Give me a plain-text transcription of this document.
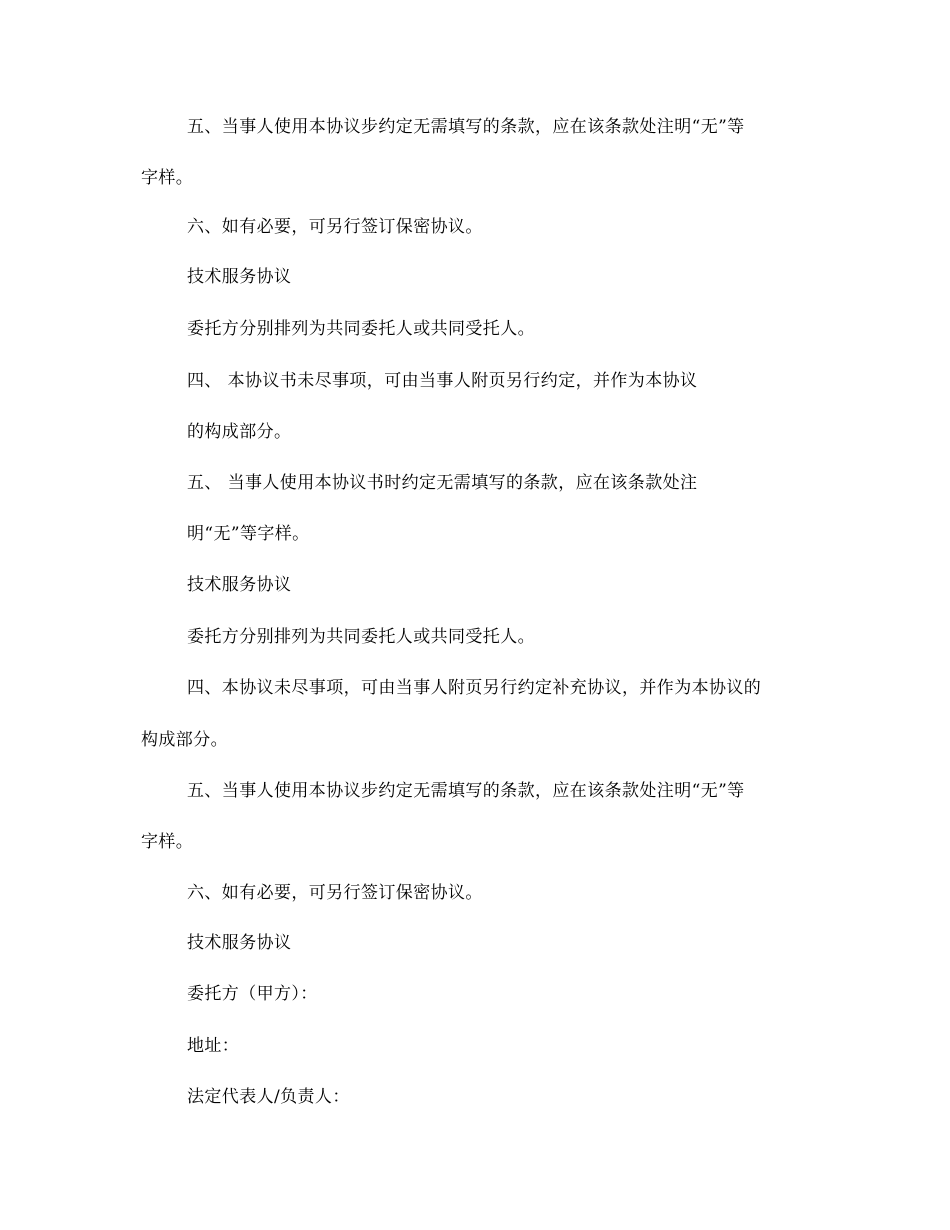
五、当事人使用本协议步约定无需填写的条款，应在该条款处注明“无”等
字样。
六、如有必要，可另行签订保密协议。
技术服务协议
委托方分别排列为共同委托人或共同受托人。
四、 本协议书未尽事项，可由当事人附页另行约定，并作为本协议
的构成部分。
五、 当事人使用本协议书时约定无需填写的条款，应在该条款处注
明“无”等字样。
技术服务协议
委托方分别排列为共同委托人或共同受托人。
四、本协议未尽事项，可由当事人附页另行约定补充协议，并作为本协议的
构成部分。
五、当事人使用本协议步约定无需填写的条款，应在该条款处注明“无”等
字样。
六、如有必要，可另行签订保密协议。
技术服务协议
委托方（甲方）：
地址：
法定代表人/负责人：
